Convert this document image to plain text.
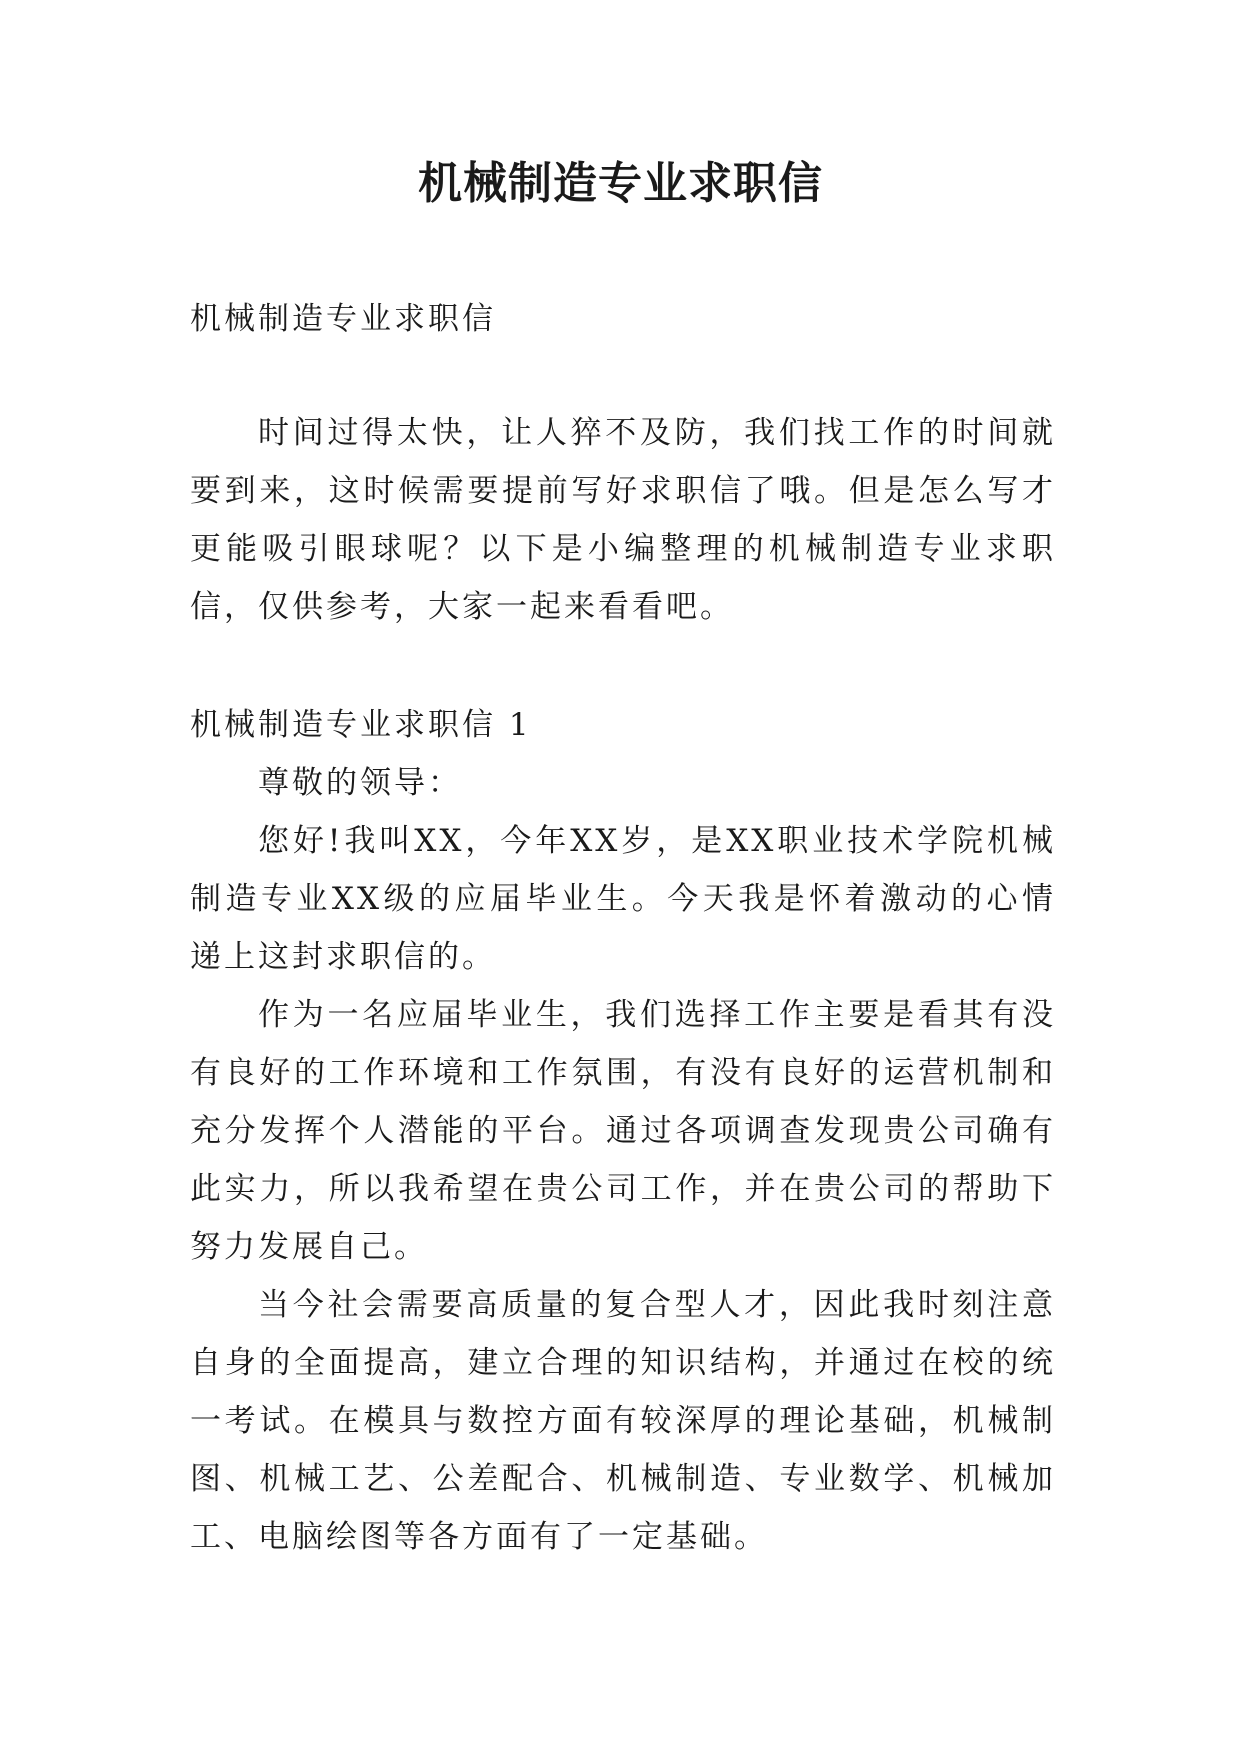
机械制造专业求职信

机械制造专业求职信

时间过得太快，让人猝不及防，我们找工作的时间就要到来，这时候需要提前写好求职信了哦。但是怎么写才更能吸引眼球呢？以下是小编整理的机械制造专业求职信，仅供参考，大家一起来看看吧。

机械制造专业求职信 1

尊敬的领导：

您好!我叫XX，今年XX岁，是XX职业技术学院机械制造专业XX级的应届毕业生。今天我是怀着激动的心情递上这封求职信的。

作为一名应届毕业生，我们选择工作主要是看其有没有良好的工作环境和工作氛围，有没有良好的运营机制和充分发挥个人潜能的平台。通过各项调查发现贵公司确有此实力，所以我希望在贵公司工作，并在贵公司的帮助下努力发展自己。

当今社会需要高质量的复合型人才，因此我时刻注意自身的全面提高，建立合理的知识结构，并通过在校的统一考试。在模具与数控方面有较深厚的理论基础，机械制图、机械工艺、公差配合、机械制造、专业数学、机械加工、电脑绘图等各方面有了一定基础。
